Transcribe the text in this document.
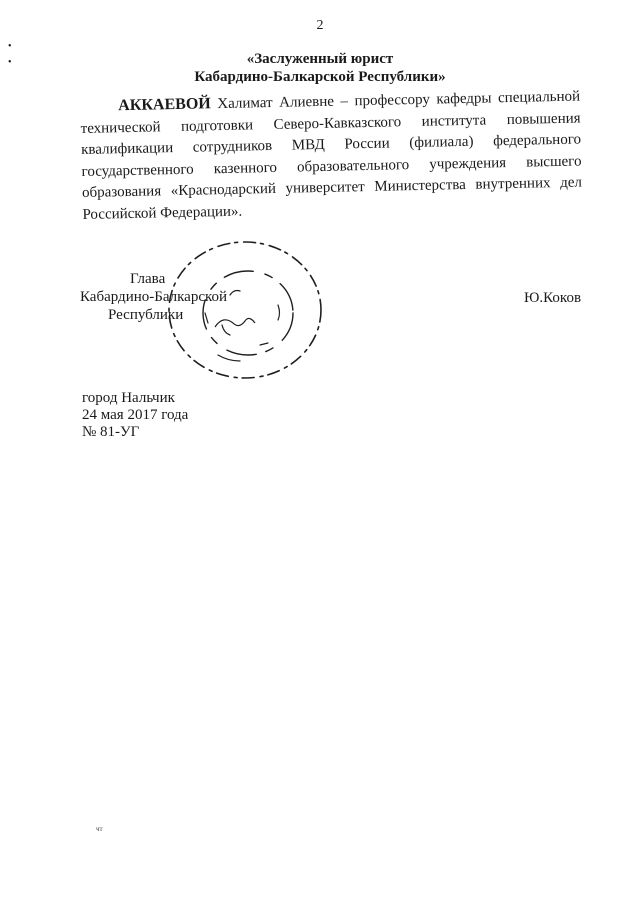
2
•
•	«Заслуженный юрист
Кабардино-Балкарской Республики»

АККАЕВОЙ Халимат Алиевне – профессору кафедры специальной технической подготовки Северо-Кавказского института повышения квалификации сотрудников МВД России (филиала) федерального государственного казенного образовательного учреждения высшего образования «Краснодарский университет Министерства внутренних дел Российской Федерации».

Глава
Кабардино-Балкарской
Республики
Ю.Коков
город Нальчик
24 мая 2017 года
№ 81-УГ
чт
